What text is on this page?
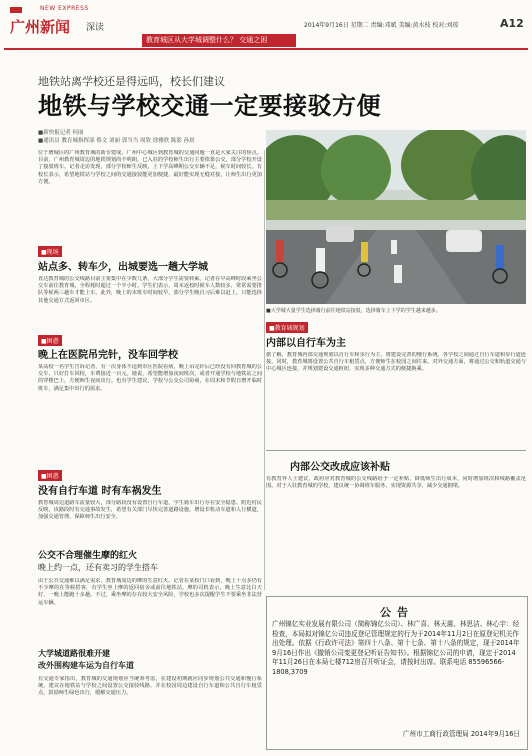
NEW EXPRESS
广州新闻 深读
教育城区从大学城调整什么？ 交通之困
2014年9月16日 星期二 责编:邓斌 美编:黄水枝 校对:刘琼	A12
地铁站离学校还是得远吗，校长们建议
地铁与学校交通一定要接驳方便
■新快报记者 何丽
■通讯员 教育城指挥部 蔡文 刘丽 郭当当 周欣 徐雅欣 陈影 孙晨
位于增城区的广州教育城的新专建成，广州中心城区到教育城的交通问题一直是大家关注的焦点。目前，广州教育城周边的地铁规划尚不明朗，已入驻的学校师生出行主要依靠公交，部分学校开设了接驳班车。记者走访发现，部分学校师生反映，上下学高峰期公交车辆不足，候车时间较长。有校长表示，希望地铁站与学校之间的交通接驳能更加便捷，最好能实现无缝对接，让师生出行更加方便。
■现场
站点多、转车少，出城要选一趟大学城
直达教育城的公交线路目前主要集中在少数几条，大部分学生需要转乘。记者在早高峰时段乘坐公交车前往教育城，全程耗时超过一个半小时。学生们表示，周末返校时候车人数较多，常常需要排队等候两三趟车才能上车。此外，晚上的末班车时间较早，部分学生晚自习后难以赶上，只能选择其他交通方式返回市区。
■困惑
晚上在医院吊完针，没车回学校
某高校一名学生告诉记者，有一次身体不适到市区医院看病，晚上吊完针后已经没有回教育城的公交车，只好打车回校，车费接近一百元。她说，希望能增加夜间班次，或者开通学校与地铁站之间的穿梭巴士，方便师生夜间出行。也有学生建议，学校与公交公司协商，在周末和节假日增开临时班车，满足集中出行的需求。
■困惑
没有自行车道 时有车祸发生
教育城周边道路车流量较大，部分路段没有设置自行车道，学生骑车出行存在安全隐患。附近村民反映，该路段时有交通事故发生，希望有关部门尽快完善道路设施，增设非机动车道和人行横道，加强交通管理，保障师生出行安全。
公交不合理催生摩的红火
晚上约一点，还有卖习的学生搭车
由于公共交通难以满足需求，教育城周边的摩的生意红火。记者在某校门口看到，晚上十点多仍有不少摩的在等候搭客，有学生坐上摩的返回宿舍或前往地铁站。摩的司机表示，晚上生意比白天好，一晚上能跑十多趟。不过，乘坐摩的存在较大安全风险，学校也多次提醒学生不要乘坐非法营运车辆。
大学城道路很难开建
改外围构建车运为自行车道
有交通专家指出，教育城的交通规划应当统筹考虑，在建设初期就应同步规划公共交通和慢行系统。建议在地铁站与学校之间设置公交接驳线路，并在校园周边建设自行车道和公共自行车租赁点，鼓励师生绿色出行，缓解交通压力。
■大学城大量学生选择骑行前往地铁站接驳，选择骑车上下学的学生越来越多。
■教育城规划
内部以自行车为主
据了解，教育城内部交通规划以自行车和步行为主，将建设完善的慢行系统，各学校之间通过自行车道和步行道连接。同时，教育城将设置公共自行车租赁点，方便师生在校园之间往来。对外交通方面，将通过公交和轨道交通与中心城区连接，并规划建设交通枢纽，实现多种交通方式的便捷换乘。
内部公交改成应该补贴
有教育界人士建议，政府应对教育城的公交线路给予一定补贴，降低师生出行成本，同时增加班次和线路覆盖范围。对于入驻教育城的学校，建议统一协调班车服务，实现资源共享，减少交通拥堵。
公告
广州锦亿实业发展有限公司（简称锦亿公司）、林广喜、林天震、林思洁、林心宇：经检查，本局拟对锦亿公司违反登记管理规定的行为于2014年11月2日在原登记机关作出处理。依据《行政许可法》第四十八条、第十七条、第十八条的规定，现于2014年9月16日作出《撤销公司变更登记听证告知书》。根据锦亿公司的申请，现定于2014年11月26日在本局七楼712房召开听证会，请按时出席。联系电话 85596566-1808,3709
广州市工商行政管理局 2014年9月16日
